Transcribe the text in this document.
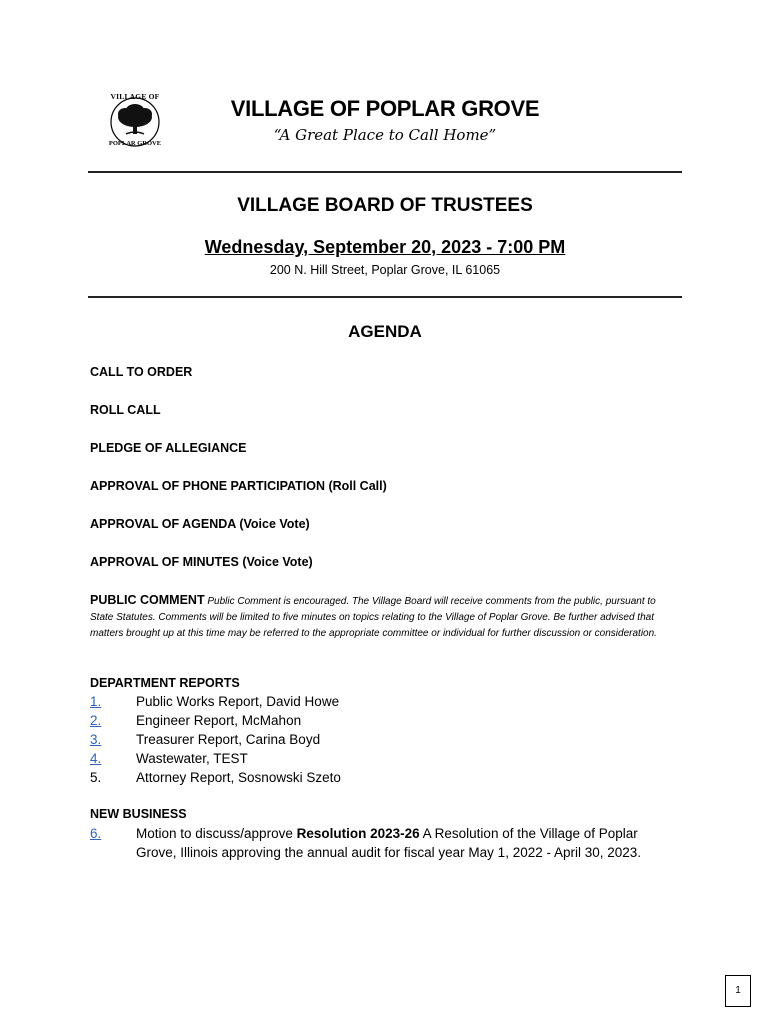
VILLAGE OF
POPLAR GROVE
VILLAGE OF POPLAR GROVE
“A Great Place to Call Home”
VILLAGE BOARD OF TRUSTEES
Wednesday, September 20, 2023 - 7:00 PM
200 N. Hill Street, Poplar Grove, IL 61065
AGENDA
CALL TO ORDER
ROLL CALL
PLEDGE OF ALLEGIANCE
APPROVAL OF PHONE PARTICIPATION (Roll Call)
APPROVAL OF AGENDA (Voice Vote)
APPROVAL OF MINUTES (Voice Vote)
PUBLIC COMMENT Public Comment is encouraged. The Village Board will receive comments from the public, pursuant to State Statutes. Comments will be limited to five minutes on topics relating to the Village of Poplar Grove. Be further advised that matters brought up at this time may be referred to the appropriate committee or individual for further discussion or consideration.
DEPARTMENT REPORTS
1.	Public Works Report, David Howe
2.	Engineer Report, McMahon
3.	Treasurer Report, Carina Boyd
4.	Wastewater, TEST
5.	Attorney Report, Sosnowski Szeto
NEW BUSINESS
6.	Motion to discuss/approve Resolution 2023-26 A Resolution of the Village of Poplar Grove, Illinois approving the annual audit for fiscal year May 1, 2022 - April 30, 2023.
1
